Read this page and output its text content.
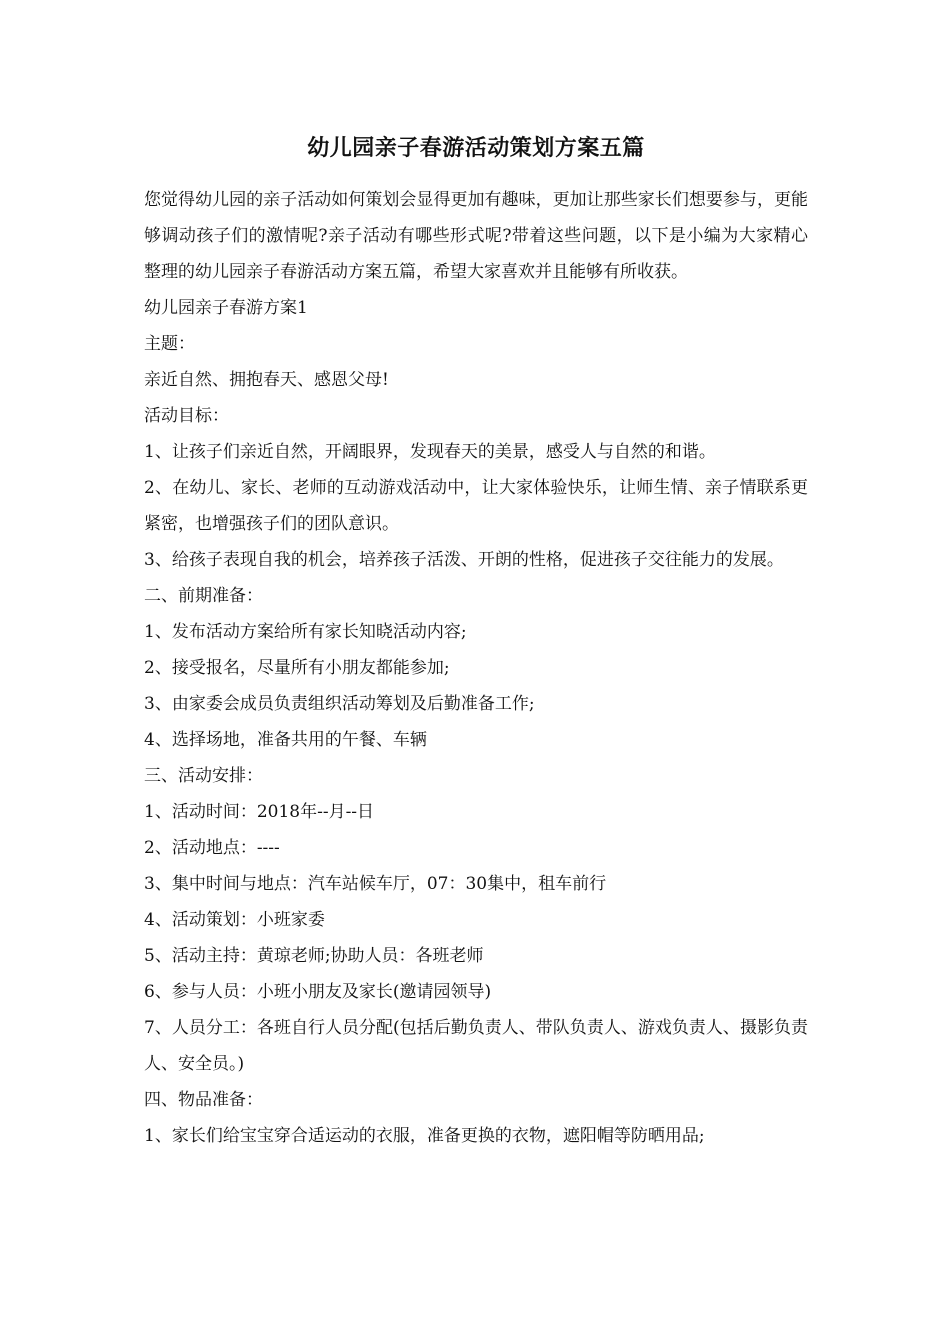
幼儿园亲子春游活动策划方案五篇

您觉得幼儿园的亲子活动如何策划会显得更加有趣味，更加让那些家长们想要参与，更能够调动孩子们的激情呢?亲子活动有哪些形式呢?带着这些问题，以下是小编为大家精心整理的幼儿园亲子春游活动方案五篇，希望大家喜欢并且能够有所收获。

幼儿园亲子春游方案1

主题：

亲近自然、拥抱春天、感恩父母!

活动目标：

1、让孩子们亲近自然，开阔眼界，发现春天的美景，感受人与自然的和谐。

2、在幼儿、家长、老师的互动游戏活动中，让大家体验快乐，让师生情、亲子情联系更紧密，也增强孩子们的团队意识。

3、给孩子表现自我的机会，培养孩子活泼、开朗的性格，促进孩子交往能力的发展。

二、前期准备：

1、发布活动方案给所有家长知晓活动内容;

2、接受报名，尽量所有小朋友都能参加;

3、由家委会成员负责组织活动筹划及后勤准备工作;

4、选择场地，准备共用的午餐、车辆

三、活动安排：

1、活动时间：2018年--月--日

2、活动地点：----

3、集中时间与地点：汽车站候车厅，07：30集中，租车前行

4、活动策划：小班家委

5、活动主持：黄琼老师;协助人员：各班老师

6、参与人员：小班小朋友及家长(邀请园领导)

7、人员分工：各班自行人员分配(包括后勤负责人、带队负责人、游戏负责人、摄影负责人、安全员。)

四、物品准备：

1、家长们给宝宝穿合适运动的衣服，准备更换的衣物，遮阳帽等防晒用品;
